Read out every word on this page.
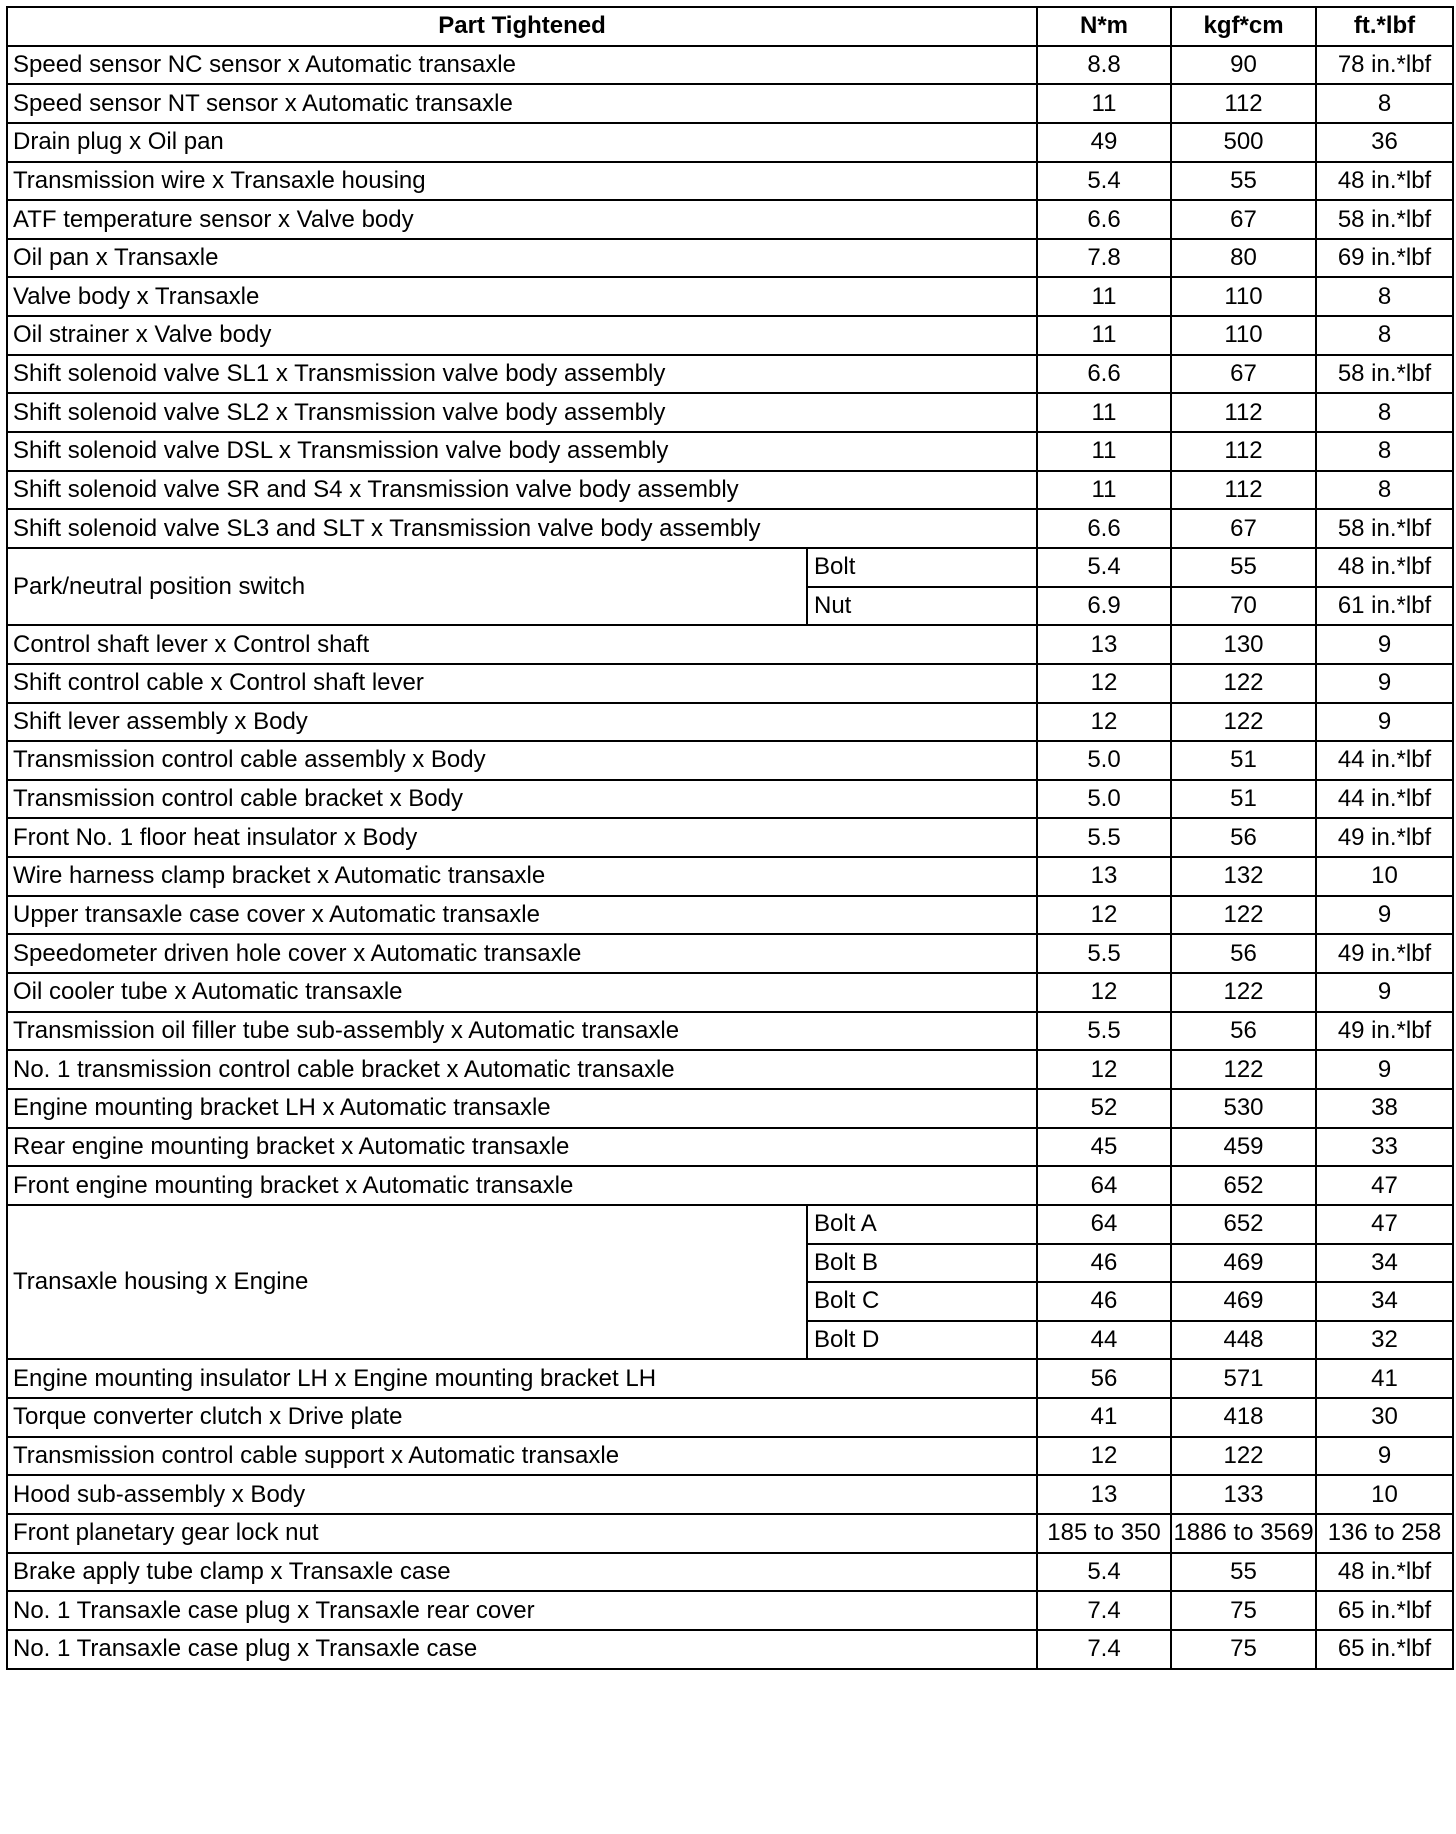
Part Tightened		N*m	kgf*cm	ft.*lbf
Speed sensor NC sensor x Automatic transaxle		8.8	90	78 in.*lbf
Speed sensor NT sensor x Automatic transaxle		11	112	8
Drain plug x Oil pan		49	500	36
Transmission wire x Transaxle housing		5.4	55	48 in.*lbf
ATF temperature sensor x Valve body		6.6	67	58 in.*lbf
Oil pan x Transaxle		7.8	80	69 in.*lbf
Valve body x Transaxle		11	110	8
Oil strainer x Valve body		11	110	8
Shift solenoid valve SL1 x Transmission valve body assembly		6.6	67	58 in.*lbf
Shift solenoid valve SL2 x Transmission valve body assembly		11	112	8
Shift solenoid valve DSL x Transmission valve body assembly		11	112	8
Shift solenoid valve SR and S4 x Transmission valve body assembly		11	112	8
Shift solenoid valve SL3 and SLT x Transmission valve body assembly		6.6	67	58 in.*lbf
Park/neutral position switch	Bolt	5.4	55	48 in.*lbf
	Nut	6.9	70	61 in.*lbf
Control shaft lever x Control shaft		13	130	9
Shift control cable x Control shaft lever		12	122	9
Shift lever assembly x Body		12	122	9
Transmission control cable assembly x Body		5.0	51	44 in.*lbf
Transmission control cable bracket x Body		5.0	51	44 in.*lbf
Front No. 1 floor heat insulator x Body		5.5	56	49 in.*lbf
Wire harness clamp bracket x Automatic transaxle		13	132	10
Upper transaxle case cover x Automatic transaxle		12	122	9
Speedometer driven hole cover x Automatic transaxle		5.5	56	49 in.*lbf
Oil cooler tube x Automatic transaxle		12	122	9
Transmission oil filler tube sub-assembly x Automatic transaxle		5.5	56	49 in.*lbf
No. 1 transmission control cable bracket x Automatic transaxle		12	122	9
Engine mounting bracket LH x Automatic transaxle		52	530	38
Rear engine mounting bracket x Automatic transaxle		45	459	33
Front engine mounting bracket x Automatic transaxle		64	652	47
Transaxle housing x Engine	Bolt A	64	652	47
	Bolt B	46	469	34
	Bolt C	46	469	34
	Bolt D	44	448	32
Engine mounting insulator LH x Engine mounting bracket LH		56	571	41
Torque converter clutch x Drive plate		41	418	30
Transmission control cable support x Automatic transaxle		12	122	9
Hood sub-assembly x Body		13	133	10
Front planetary gear lock nut		185 to 350	1886 to 3569	136 to 258
Brake apply tube clamp x Transaxle case		5.4	55	48 in.*lbf
No. 1 Transaxle case plug x Transaxle rear cover		7.4	75	65 in.*lbf
No. 1 Transaxle case plug x Transaxle case		7.4	75	65 in.*lbf
